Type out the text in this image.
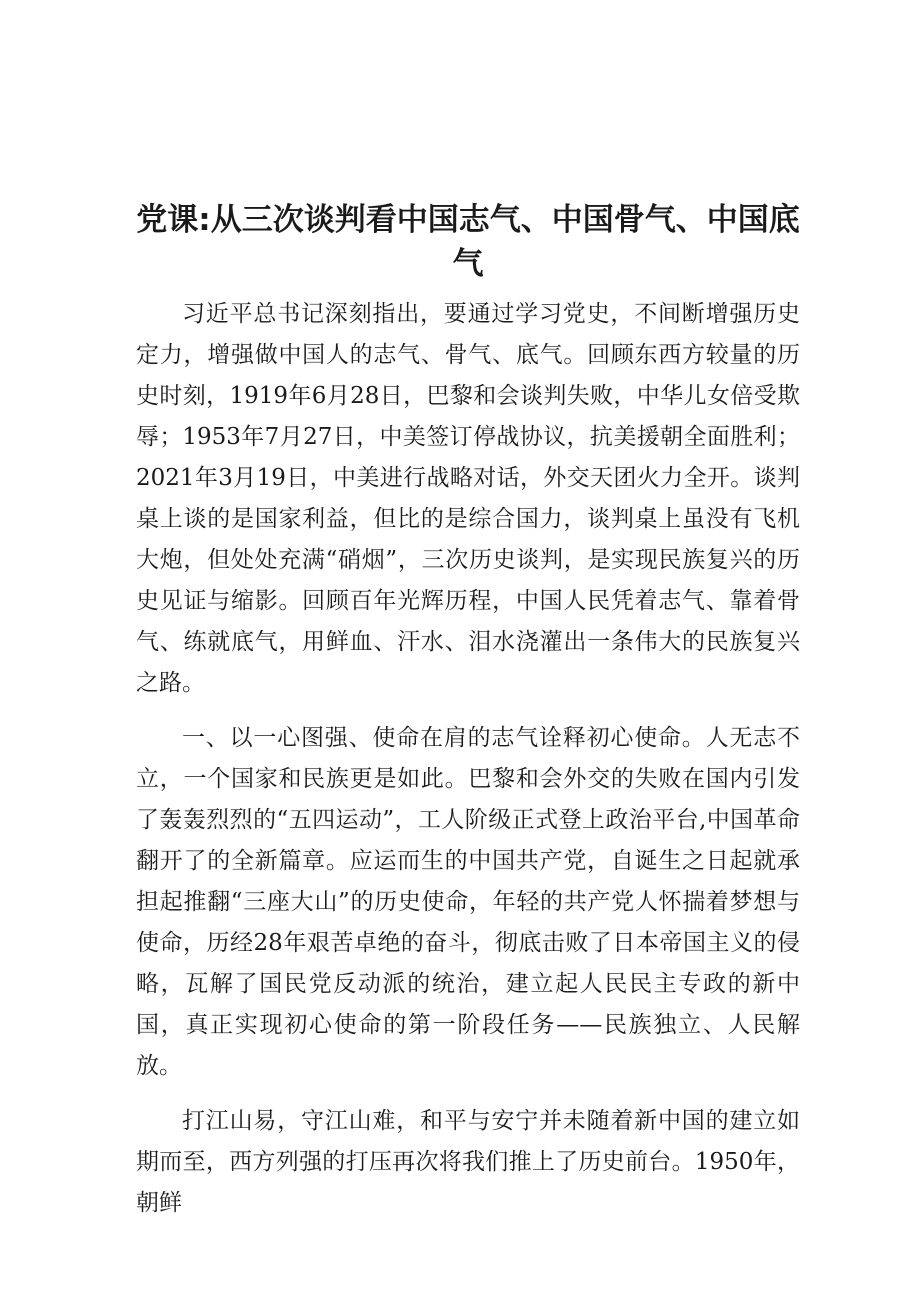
党课:从三次谈判看中国志气、中国骨气、中国底气

习近平总书记深刻指出，要通过学习党史，不间断增强历史定力，增强做中国人的志气、骨气、底气。回顾东西方较量的历史时刻，1919年6月28日，巴黎和会谈判失败，中华儿女倍受欺辱；1953年7月27日，中美签订停战协议，抗美援朝全面胜利；2021年3月19日，中美进行战略对话，外交天团火力全开。谈判桌上谈的是国家利益，但比的是综合国力，谈判桌上虽没有飞机大炮，但处处充满“硝烟”，三次历史谈判，是实现民族复兴的历史见证与缩影。回顾百年光辉历程，中国人民凭着志气、靠着骨气、练就底气，用鲜血、汗水、泪水浇灌出一条伟大的民族复兴之路。

一、以一心图强、使命在肩的志气诠释初心使命。人无志不立，一个国家和民族更是如此。巴黎和会外交的失败在国内引发了轰轰烈烈的“五四运动”，工人阶级正式登上政治平台,中国革命翻开了的全新篇章。应运而生的中国共产党，自诞生之日起就承担起推翻“三座大山”的历史使命，年轻的共产党人怀揣着梦想与使命，历经28年艰苦卓绝的奋斗，彻底击败了日本帝国主义的侵略，瓦解了国民党反动派的统治，建立起人民民主专政的新中国，真正实现初心使命的第一阶段任务——民族独立、人民解放。

打江山易，守江山难，和平与安宁并未随着新中国的建立如期而至，西方列强的打压再次将我们推上了历史前台。1950年，朝鲜
